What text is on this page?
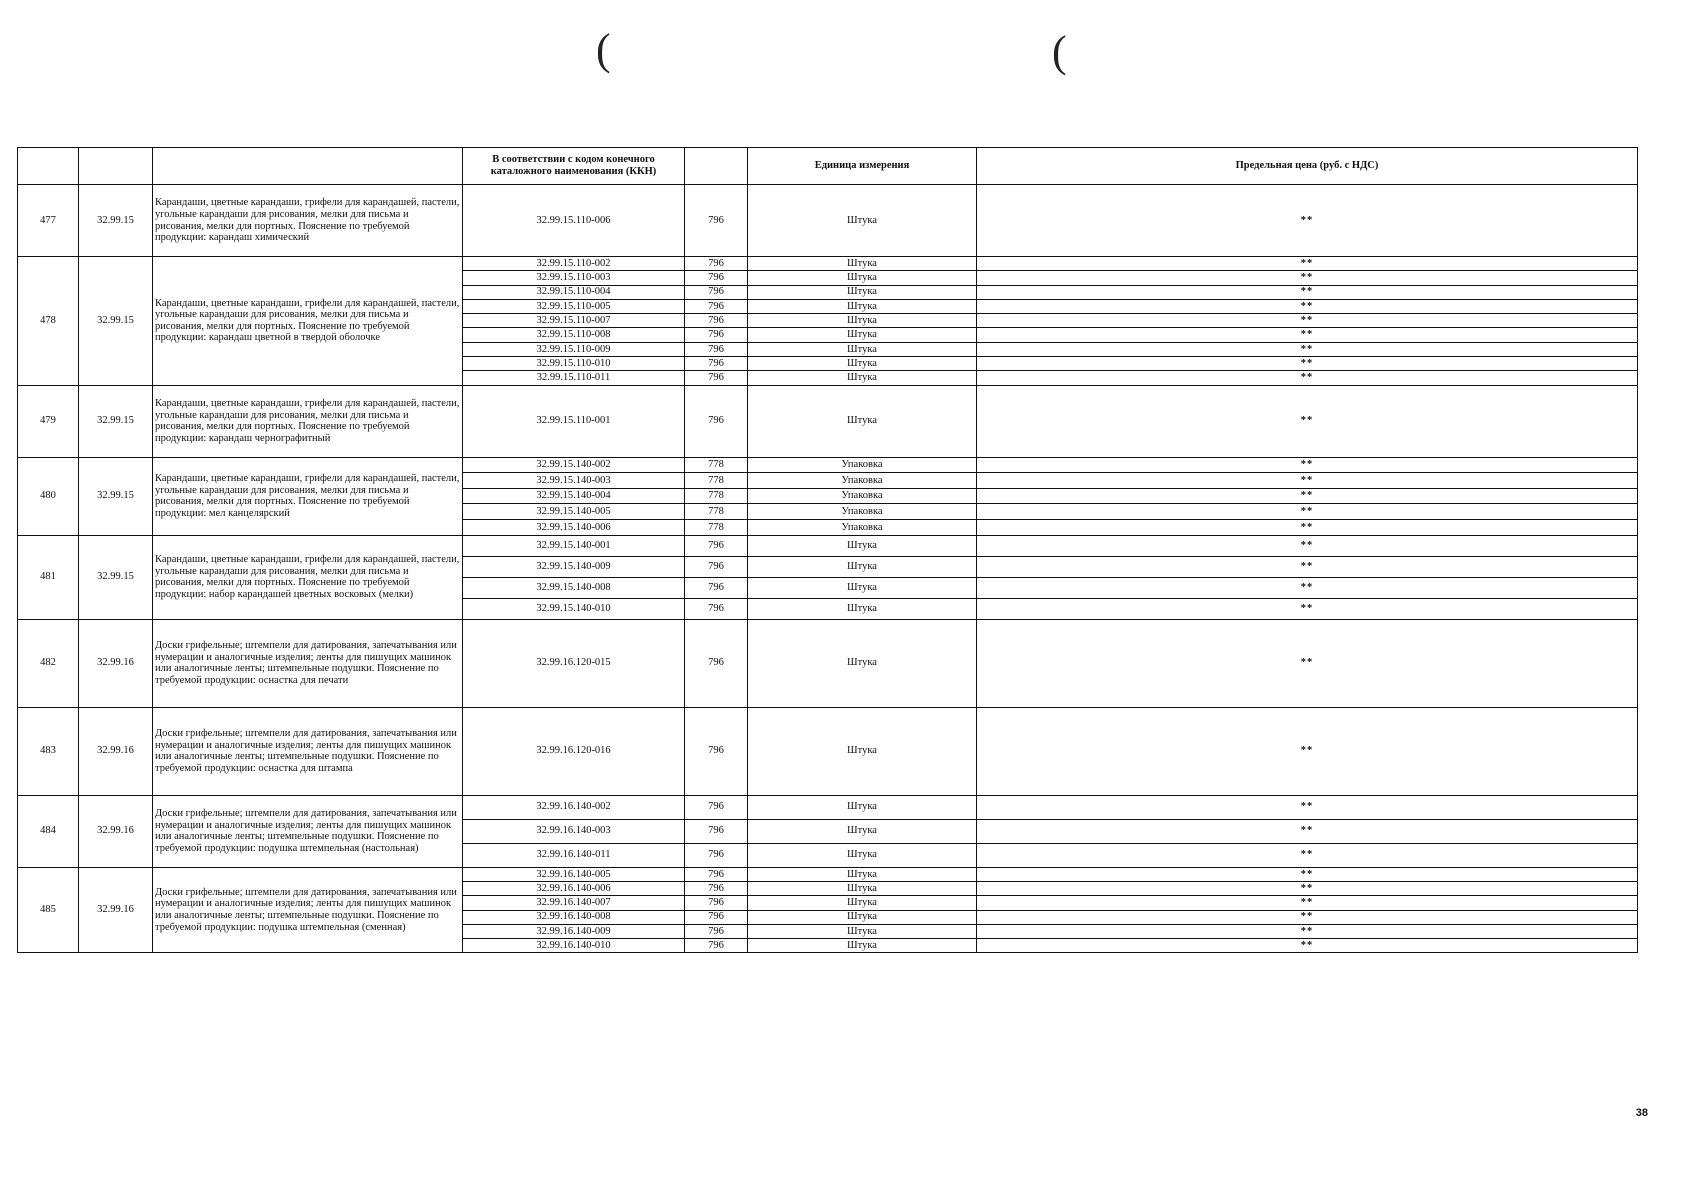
(	(
			В соответствии с кодом конечного каталожного наименования (ККН)		Единица измерения	Предельная цена (руб. с НДС)
477	32.99.15	Карандаши, цветные карандаши, грифели для карандашей, пастели, угольные карандаши для рисования, мелки для письма и рисования, мелки для портных. Пояснение по требуемой продукции: карандаш химический	32.99.15.110-006	796	Штука	**
478	32.99.15	Карандаши, цветные карандаши, грифели для карандашей, пастели, угольные карандаши для рисования, мелки для письма и рисования, мелки для портных. Пояснение по требуемой продукции: карандаш цветной в твердой оболочке	32.99.15.110-002	796	Штука	**
			32.99.15.110-003	796	Штука	**
			32.99.15.110-004	796	Штука	**
			32.99.15.110-005	796	Штука	**
			32.99.15.110-007	796	Штука	**
			32.99.15.110-008	796	Штука	**
			32.99.15.110-009	796	Штука	**
			32.99.15.110-010	796	Штука	**
			32.99.15.110-011	796	Штука	**
479	32.99.15	Карандаши, цветные карандаши, грифели для карандашей, пастели, угольные карандаши для рисования, мелки для письма и рисования, мелки для портных. Пояснение по требуемой продукции: карандаш чернографитный	32.99.15.110-001	796	Штука	**
480	32.99.15	Карандаши, цветные карандаши, грифели для карандашей, пастели, угольные карандаши для рисования, мелки для письма и рисования, мелки для портных. Пояснение по требуемой продукции: мел канцелярский	32.99.15.140-002	778	Упаковка	**
			32.99.15.140-003	778	Упаковка	**
			32.99.15.140-004	778	Упаковка	**
			32.99.15.140-005	778	Упаковка	**
			32.99.15.140-006	778	Упаковка	**
481	32.99.15	Карандаши, цветные карандаши, грифели для карандашей, пастели, угольные карандаши для рисования, мелки для письма и рисования, мелки для портных. Пояснение по требуемой продукции: набор карандашей цветных восковых (мелки)	32.99.15.140-001	796	Штука	**
			32.99.15.140-009	796	Штука	**
			32.99.15.140-008	796	Штука	**
			32.99.15.140-010	796	Штука	**
482	32.99.16	Доски грифельные; штемпели для датирования, запечатывания или нумерации и аналогичные изделия; ленты для пишущих машинок или аналогичные ленты; штемпельные подушки. Пояснение по требуемой продукции: оснастка для печати	32.99.16.120-015	796	Штука	**
483	32.99.16	Доски грифельные; штемпели для датирования, запечатывания или нумерации и аналогичные изделия; ленты для пишущих машинок или аналогичные ленты; штемпельные подушки. Пояснение по требуемой продукции: оснастка для штампа	32.99.16.120-016	796	Штука	**
484	32.99.16	Доски грифельные; штемпели для датирования, запечатывания или нумерации и аналогичные изделия; ленты для пишущих машинок или аналогичные ленты; штемпельные подушки. Пояснение по требуемой продукции: подушка штемпельная (настольная)	32.99.16.140-002	796	Штука	**
			32.99.16.140-003	796	Штука	**
			32.99.16.140-011	796	Штука	**
485	32.99.16	Доски грифельные; штемпели для датирования, запечатывания или нумерации и аналогичные изделия; ленты для пишущих машинок или аналогичные ленты; штемпельные подушки. Пояснение по требуемой продукции: подушка штемпельная (сменная)	32.99.16.140-005	796	Штука	**
			32.99.16.140-006	796	Штука	**
			32.99.16.140-007	796	Штука	**
			32.99.16.140-008	796	Штука	**
			32.99.16.140-009	796	Штука	**
			32.99.16.140-010	796	Штука	**
38
